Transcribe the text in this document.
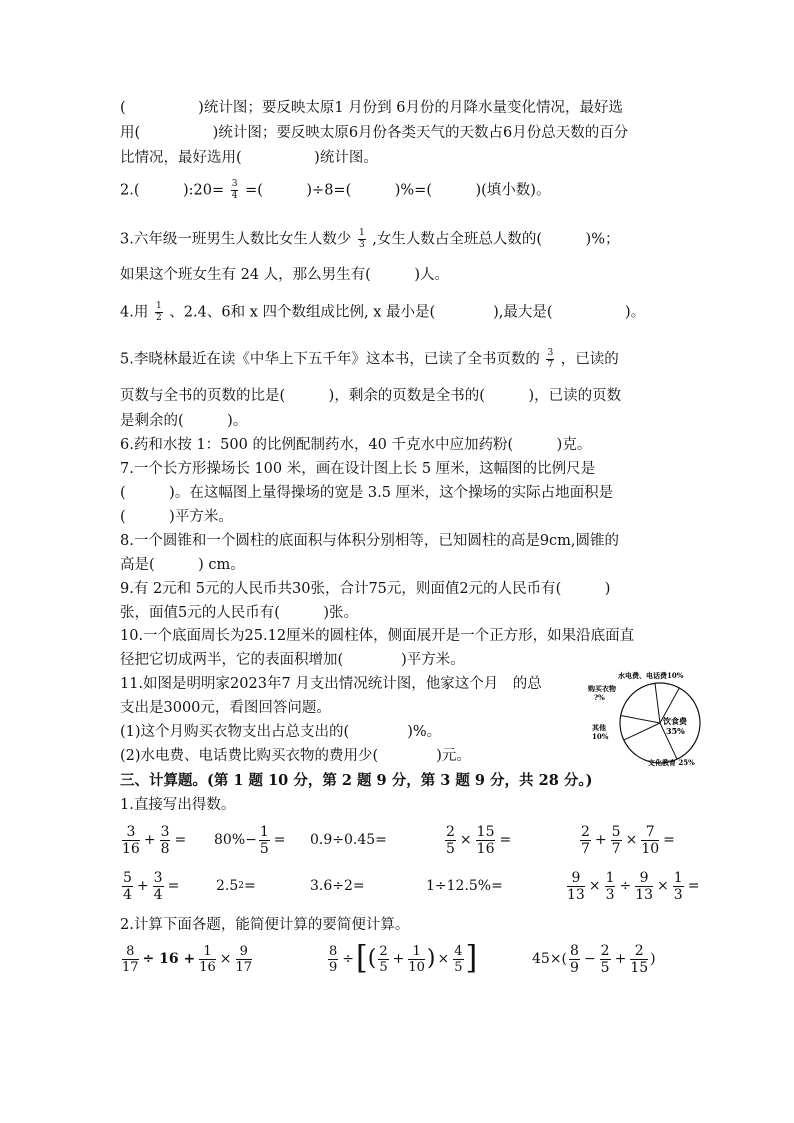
(　　　　　)统计图；要反映太原1 月份到 6月份的月降水量变化情况，最好选
用(　　　　　)统计图；要反映太原6月份各类天气的天数占6月份总天数的百分
比情况，最好选用(　　　　　)统计图。
2.(　　　):20= $\frac{3}{4}$ =(　　　)÷8=(　　　)%=(　　　)(填小数)。
3.六年级一班男生人数比女生人数少 $\frac{1}{3}$ ,女生人数占全班总人数的(　　　)%；
如果这个班女生有 24 人，那么男生有(　　　)人。
4.用 $\frac{1}{2}$ 、2.4、6和 x 四个数组成比例, x 最小是(　　　　),最大是(　　　　　)。
5.李晓林最近在读《中华上下五千年》这本书，已读了全书页数的 $\frac{3}{7}$ ，已读的
页数与全书的页数的比是(　　　)，剩余的页数是全书的(　　　)，已读的页数
是剩余的(　　　)。
6.药和水按 1：500 的比例配制药水，40 千克水中应加药粉(　　　)克。
7.一个长方形操场长 100 米，画在设计图上长 5 厘米，这幅图的比例尺是
(　　　)。在这幅图上量得操场的宽是 3.5 厘米，这个操场的实际占地面积是
(　　　)平方米。
8.一个圆锥和一个圆柱的底面积与体积分别相等，已知圆柱的高是9cm,圆锥的
高是(　　　) cm。
9.有 2元和 5元的人民币共30张，合计75元，则面值2元的人民币有(　　　)
张，面值5元的人民币有(　　　)张。
10.一个底面周长为25.12厘米的圆柱体，侧面展开是一个正方形，如果沿底面直
径把它切成两半，它的表面积增加(　　　　)平方米。
11.如图是明明家2023年7 月支出情况统计图，他家这个月　的总
支出是3000元，看图回答问题。
(1)这个月购买衣物支出占总支出的(　　　　)%。
(2)水电费、电话费比购买衣物的费用少(　　　　)元。
水电费、电话费10%
饮食费
35%
文化教育 25%
其他
10%
购买衣物
?%
三、计算题。(第 1 题 10 分，第 2 题 9 分，第 3 题 9 分，共 28 分。)
1.直接写出得数。
$\frac{3}{16} + \frac{3}{8} = 80\%- \frac{1}{5} = 0.9\div 0.45=$	$\frac{2}{5} \times \frac{15}{16}$ =	$\frac{2}{7} + \frac{5}{7} \times \frac{7}{10}$ =
$\frac{5}{4} + \frac{3}{4}$ =	2.5 2 =	3.6÷2=	1÷12.5%=	$\frac{9}{13} \times \frac{1}{3} \div \frac{9}{13} \times \frac{1}{3}$ =
2.计算下面各题，能简便计算的要简便计算。
$\frac{8}{17} \div 16 + \frac{1}{16} \times \frac{9}{17}$	$\frac{8}{9}$ ÷ [ ( $\frac{2}{5} + \frac{1}{10}$ ) × $\frac{4}{5}$ ]	$45\times( \frac{8}{9} - \frac{2}{5} + \frac{2}{15}$ )
